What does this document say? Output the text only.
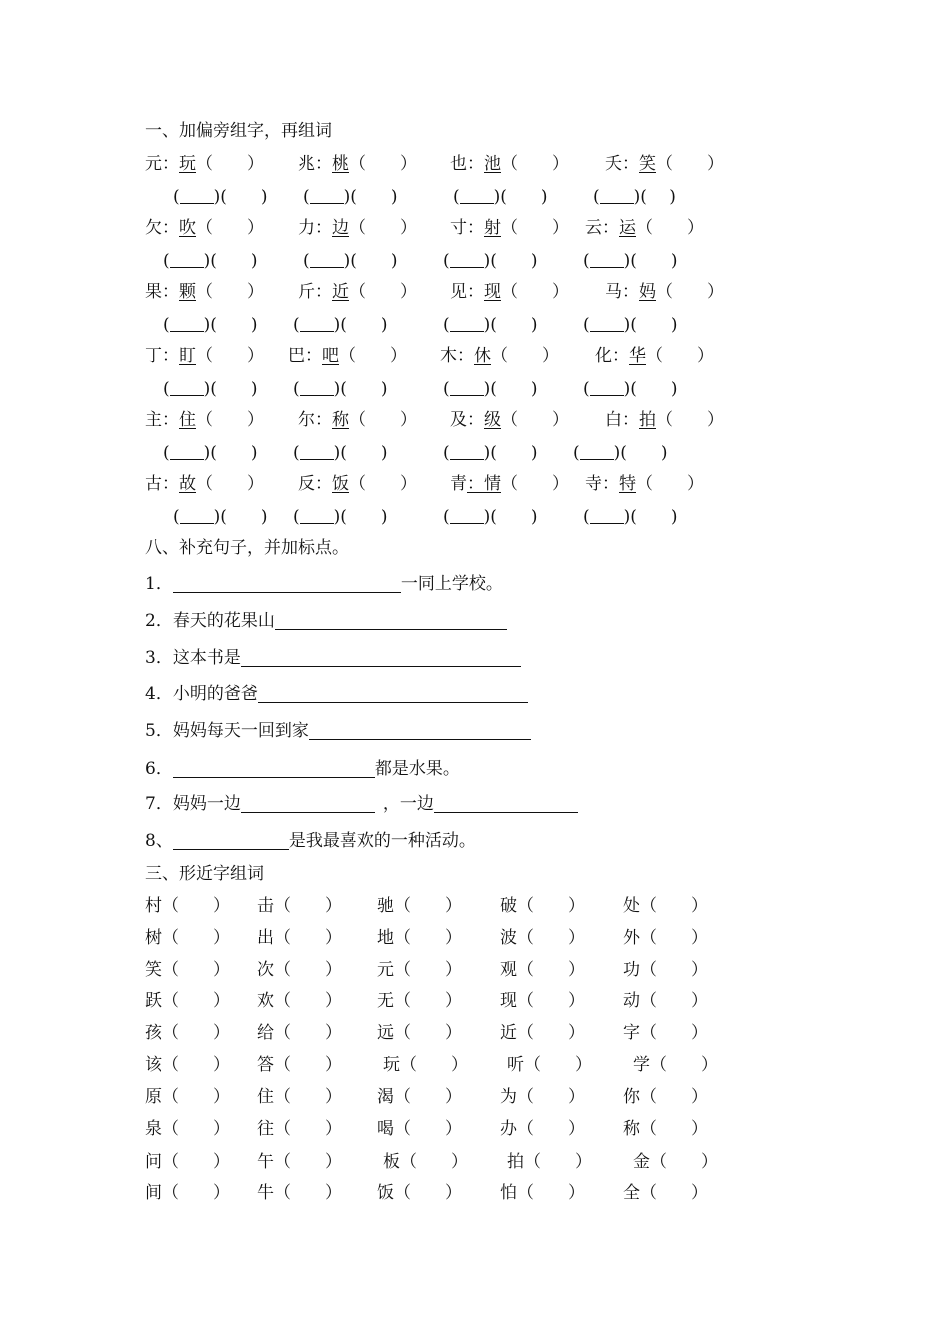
一、加偏旁组字，再组词
元：玩（　　） 兆：桃（　　） 也：池（　　） 夭：笑（　　）
( )(　　) ( )(　　)	( )(　　)	( )(　 )
欠：吹（　　） 力：边（　　） 寸：射（　　） 云：运（　　）
( )(　　)	( )(　　)	( )(　　)	( )(　　)
果：颗（　　） 斤：近（　　） 见：现（　　） 马：妈（　　）
( )(　　) ( )(　　)	( )(　　)	( )(　　)
丁：盯（　　） 巴：吧（　　） 木：休（　　） 化：华（　　）
( )(　　) ( )(　　)	( )(　　)	( )(　　)
主：住（　　） 尔：称（　　） 及：级（　　） 白：拍（　　）
( )(　　) ( )(　　)	( )(　　) ( )(　　)
古：故（　　） 反：饭（　　） 青：情（　　） 寺：特（　　）
( )(　　) ( )(　　)	( )(　　)	( )(　　)
八、补充句子，并加标点。
1．	一同上学校。
2．春天的花果山
3．这本书是
4．小明的爸爸
5．妈妈每天一回到家
6．	都是水果。
7．妈妈一边	，一边
8、	是我最喜欢的一种活动。
三、形近字组词
村（　　） 击（　　） 驰（　　） 破（　　） 处（　　）
树（　　） 出（　　） 地（　　） 波（　　） 外（　　）
笑（　　） 次（　　） 元（　　） 观（　　） 功（　　）
跃（　　） 欢（　　） 无（　　） 现（　　） 动（　　）
孩（　　） 给（　　） 远（　　） 近（　　） 字（　　）
该（　　） 答（　　） 玩（　　） 听（　　） 学（　　）
原（　　） 住（　　） 渴（　　） 为（　　） 你（　　）
泉（　　） 往（　　） 喝（　　） 办（　　） 称（　　）
问（　　） 午（　　） 板（　　） 拍（　　） 金（　　）
间（　　） 牛（　　） 饭（　　） 怕（　　） 全（　　）
